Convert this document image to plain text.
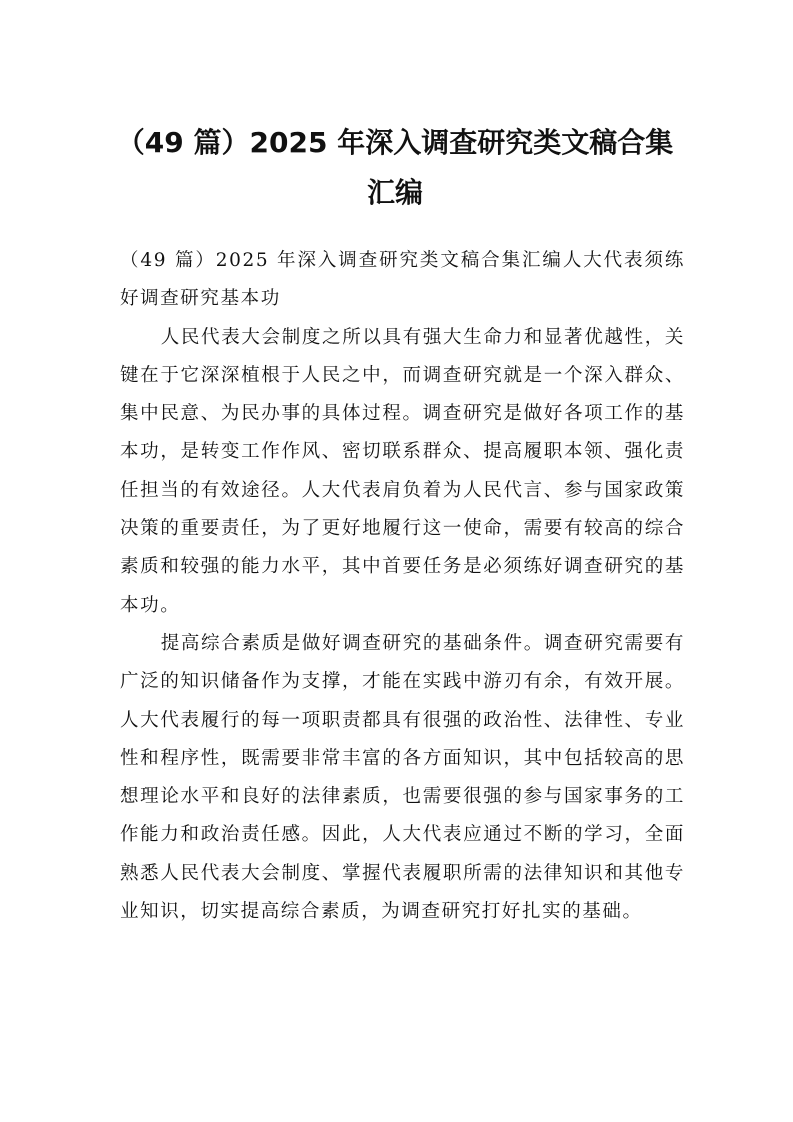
（49 篇）2025 年深入调查研究类文稿合集汇编

（49 篇）2025 年深入调查研究类文稿合集汇编人大代表须练好调查研究基本功

人民代表大会制度之所以具有强大生命力和显著优越性，关键在于它深深植根于人民之中，而调查研究就是一个深入群众、集中民意、为民办事的具体过程。调查研究是做好各项工作的基本功，是转变工作作风、密切联系群众、提高履职本领、强化责任担当的有效途径。人大代表肩负着为人民代言、参与国家政策决策的重要责任，为了更好地履行这一使命，需要有较高的综合素质和较强的能力水平，其中首要任务是必须练好调查研究的基本功。

提高综合素质是做好调查研究的基础条件。调查研究需要有广泛的知识储备作为支撑，才能在实践中游刃有余，有效开展。人大代表履行的每一项职责都具有很强的政治性、法律性、专业性和程序性，既需要非常丰富的各方面知识，其中包括较高的思想理论水平和良好的法律素质，也需要很强的参与国家事务的工作能力和政治责任感。因此，人大代表应通过不断的学习，全面熟悉人民代表大会制度、掌握代表履职所需的法律知识和其他专业知识，切实提高综合素质，为调查研究打好扎实的基础。
